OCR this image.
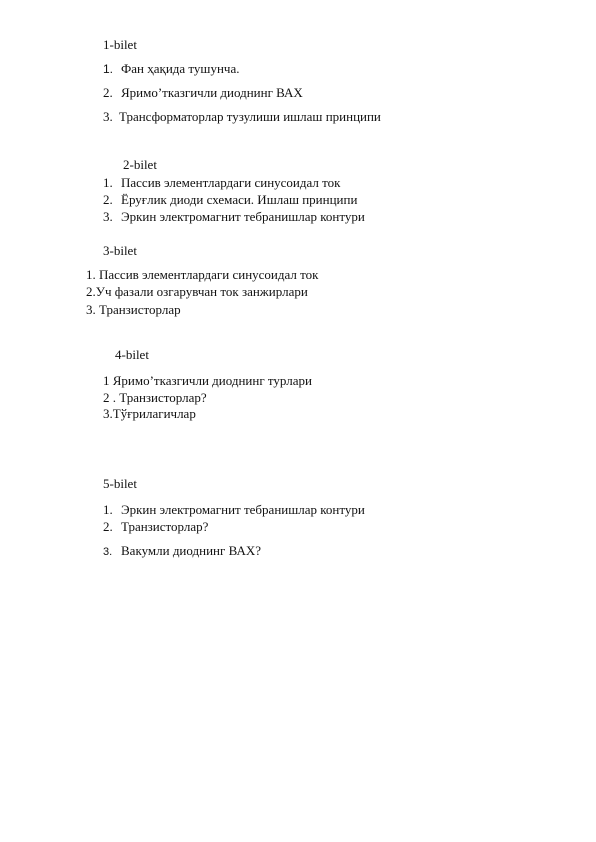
1-bilet
1. Фан ҳақида тушунча.
2. Яримо’тказгичли диоднинг ВАХ
3. Трансформаторлар тузулиши ишлаш принципи
2-bilet
1. Пассив элементлардаги синусоидал ток
2. Ёруғлик диоди схемаси. Ишлаш принципи
3. Эркин электромагнит тебранишлар контури
3-bilet
1. Пассив элементлардаги синусоидал ток
2.Уч фазали озгарувчан ток занжирлари
3. Транзисторлар
4-bilet
1 Яримо’тказгичли диоднинг турлари
2 . Транзисторлар?
3.Тўғрилагичлар
5-bilet
1. Эркин электромагнит тебранишлар контури
2. Транзисторлар?
3. Вакумли диоднинг ВАХ?
